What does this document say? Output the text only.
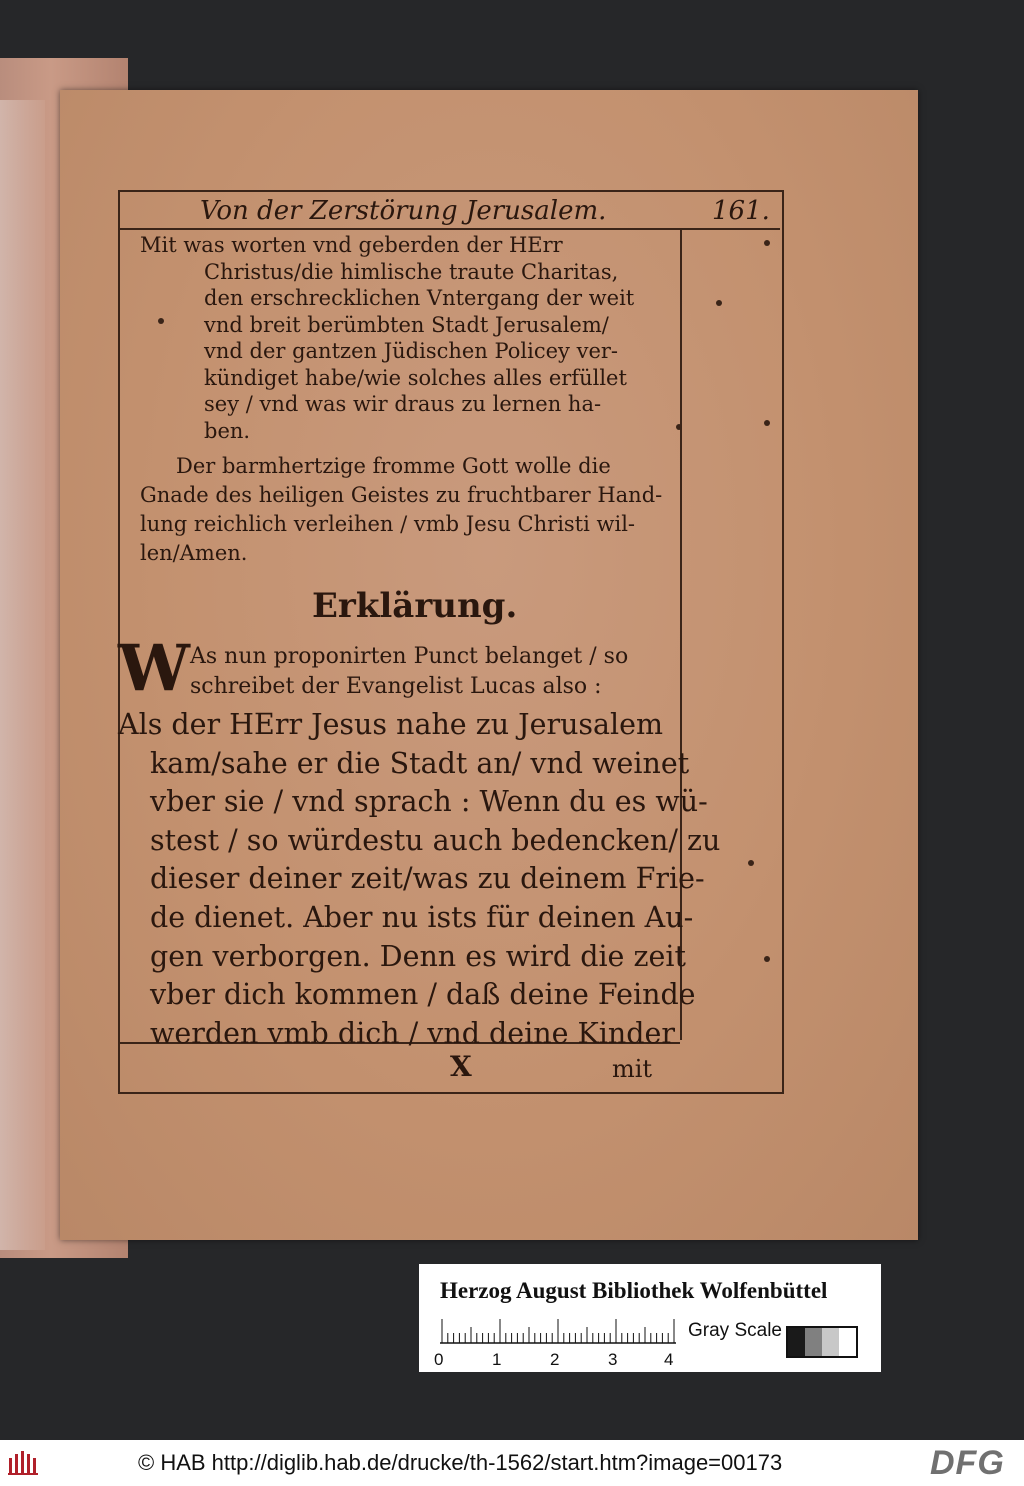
Von der Zerstörung Jerusalem.	161.
Mit was worten vnd geberden der HErr
Christus/die himlische traute Charitas,
den erschrecklichen Vntergang der weit
vnd breit berümbten Stadt Jerusalem/
vnd der gantzen Jüdischen Policey ver-
kündiget habe/wie solches alles erfüllet
sey / vnd was wir draus zu lernen ha-
ben.
Der barmhertzige fromme Gott wolle die
Gnade des heiligen Geistes zu fruchtbarer Hand-
lung reichlich verleihen / vmb Jesu Christi wil-
len/Amen.
Erklärung.
W As nun proponirten Punct belanget / so
schreibet der Evangelist Lucas also :
Als der HErr Jesus nahe zu Jerusalem
kam/sahe er die Stadt an/ vnd weinet
vber sie / vnd sprach : Wenn du es wü-
stest / so würdestu auch bedencken/ zu
dieser deiner zeit/was zu deinem Frie-
de dienet. Aber nu ists für deinen Au-
gen verborgen. Denn es wird die zeit
vber dich kommen / daß deine Feinde
werden vmb dich / vnd deine Kinder
X	mit
Herzog August Bibliothek Wolfenbüttel
0	1	2	3	4
Gray Scale
© HAB http://diglib.hab.de/drucke/th-1562/start.htm?image=00173	DFG
